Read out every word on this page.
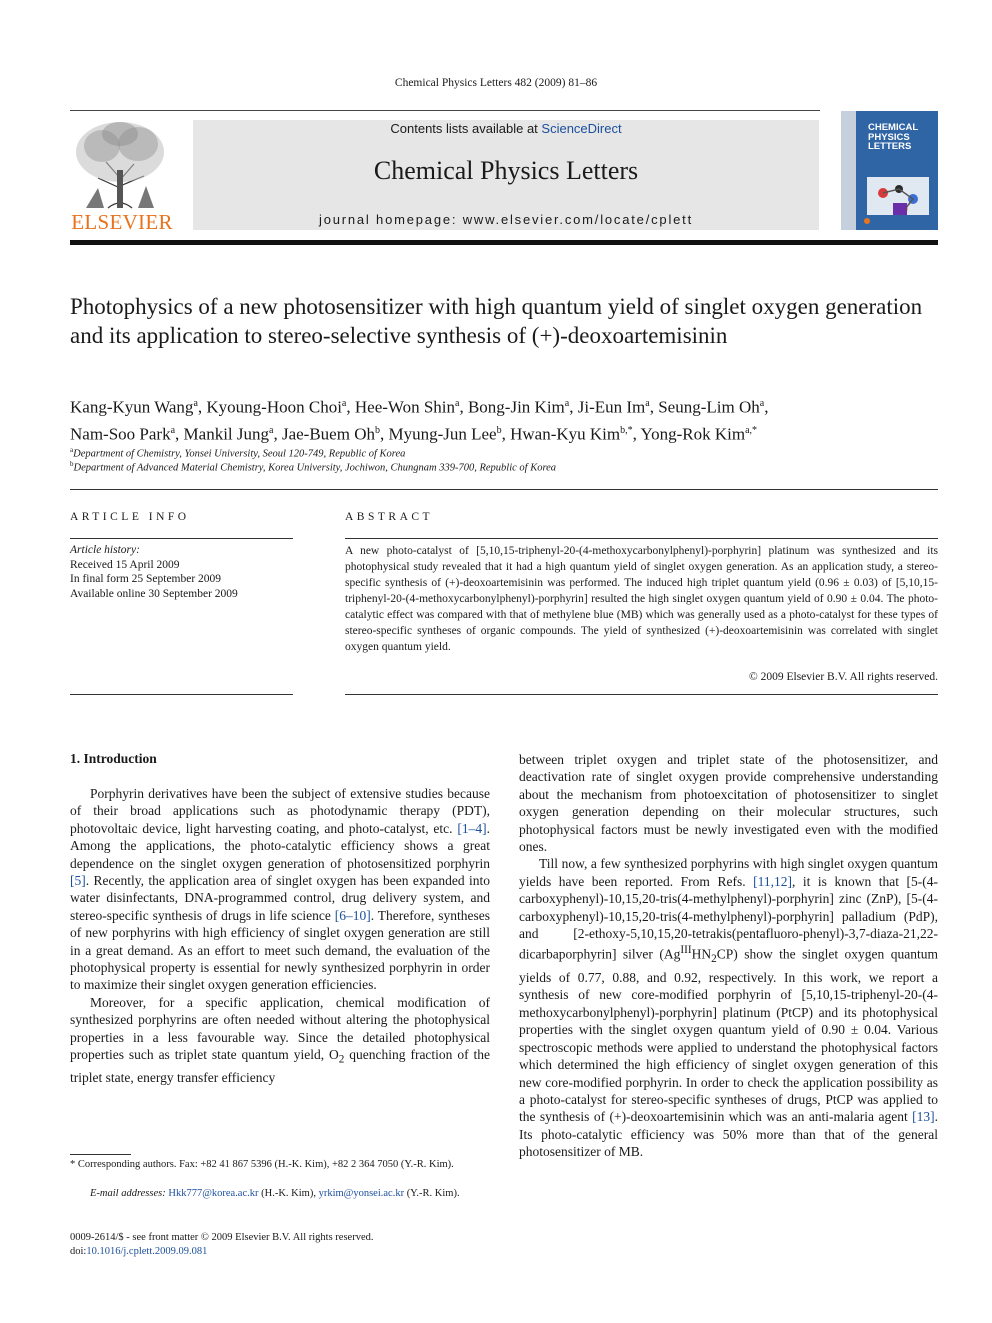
Chemical Physics Letters 482 (2009) 81–86
ELSEVIER
Contents lists available at ScienceDirect
Chemical Physics Letters
journal homepage: www.elsevier.com/locate/cplett
CHEMICAL
PHYSICS
LETTERS
Photophysics of a new photosensitizer with high quantum yield of singlet oxygen generation and its application to stereo-selective synthesis of (+)-deoxoartemisinin
Kang-Kyun Wang$^a$, Kyoung-Hoon Choi$^a$, Hee-Won Shin$^a$, Bong-Jin Kim$^a$, Ji-Eun Im$^a$, Seung-Lim Oh$^a$,
Nam-Soo Park$^a$, Mankil Jung$^a$, Jae-Buem Oh$^b$, Myung-Jun Lee$^b$, Hwan-Kyu Kim$^{b,*}$, Yong-Rok Kim$^{a,*}$
$^a$Department of Chemistry, Yonsei University, Seoul 120-749, Republic of Korea
$^b$Department of Advanced Material Chemistry, Korea University, Jochiwon, Chungnam 339-700, Republic of Korea
ARTICLE INFO
Article history:
Received 15 April 2009
In final form 25 September 2009
Available online 30 September 2009
ABSTRACT
A new photo-catalyst of [5,10,15-triphenyl-20-(4-methoxycarbonylphenyl)-porphyrin] platinum was synthesized and its photophysical study revealed that it had a high quantum yield of singlet oxygen generation. As an application study, a stereo-specific synthesis of (+)-deoxoartemisinin was performed. The induced high triplet quantum yield (0.96 ± 0.03) of [5,10,15-triphenyl-20-(4-methoxycarbonylphenyl)-porphyrin] resulted the high singlet oxygen quantum yield of 0.90 ± 0.04. The photo-catalytic effect was compared with that of methylene blue (MB) which was generally used as a photo-catalyst for these types of stereo-specific syntheses of organic compounds. The yield of synthesized (+)-deoxoartemisinin was correlated with singlet oxygen quantum yield.
© 2009 Elsevier B.V. All rights reserved.
1. Introduction

Porphyrin derivatives have been the subject of extensive studies because of their broad applications such as photodynamic therapy (PDT), photovoltaic device, light harvesting coating, and photo-catalyst, etc. [1–4]. Among the applications, the photo-catalytic efficiency shows a great dependence on the singlet oxygen generation of photosensitized porphyrin [5]. Recently, the application area of singlet oxygen has been expanded into water disinfectants, DNA-programmed control, drug delivery system, and stereo-specific synthesis of drugs in life science [6–10]. Therefore, syntheses of new porphyrins with high efficiency of singlet oxygen generation are still in a great demand. As an effort to meet such demand, the evaluation of the photophysical property is essential for newly synthesized porphyrin in order to maximize their singlet oxygen generation efficiencies.

Moreover, for a specific application, chemical modification of synthesized porphyrins are often needed without altering the photophysical properties in a less favourable way. Since the detailed photophysical properties such as triplet state quantum yield, $O_2$ quenching fraction of the triplet state, energy transfer efficiency

between triplet oxygen and triplet state of the photosensitizer, and deactivation rate of singlet oxygen provide comprehensive understanding about the mechanism from photoexcitation of photosensitizer to singlet oxygen generation depending on their molecular structures, such photophysical factors must be newly investigated even with the modified ones.

Till now, a few synthesized porphyrins with high singlet oxygen quantum yields have been reported. From Refs. [11,12], it is known that [5-(4-carboxyphenyl)-10,15,20-tris(4-methylphenyl)-porphyrin] zinc (ZnP), [5-(4-carboxyphenyl)-10,15,20-tris(4-methylphenyl)-porphyrin] palladium (PdP), and [2-ethoxy-5,10,15,20-tetrakis(pentafluoro-phenyl)-3,7-diaza-21,22-dicarbaporphyrin] silver $(Ag^{III}HN_2CP)$ show the singlet oxygen quantum yields of 0.77, 0.88, and 0.92, respectively. In this work, we report a synthesis of new core-modified porphyrin of [5,10,15-triphenyl-20-(4-methoxycarbonylphenyl)-porphyrin] platinum (PtCP) and its photophysical properties with the singlet oxygen quantum yield of 0.90 ± 0.04. Various spectroscopic methods were applied to understand the photophysical factors which determined the high efficiency of singlet oxygen generation of this new core-modified porphyrin. In order to check the application possibility as a photo-catalyst for stereo-specific syntheses of drugs, PtCP was applied to the synthesis of (+)-deoxoartemisinin which was an anti-malaria agent [13]. Its photo-catalytic efficiency was 50% more than that of the general photosensitizer of MB.

* Corresponding authors. Fax: +82 41 867 5396 (H.-K. Kim), +82 2 364 7050 (Y.-R. Kim).
E-mail addresses: Hkk777@korea.ac.kr (H.-K. Kim), yrkim@yonsei.ac.kr (Y.-R. Kim).
0009-2614/$ - see front matter © 2009 Elsevier B.V. All rights reserved.
doi:10.1016/j.cplett.2009.09.081
